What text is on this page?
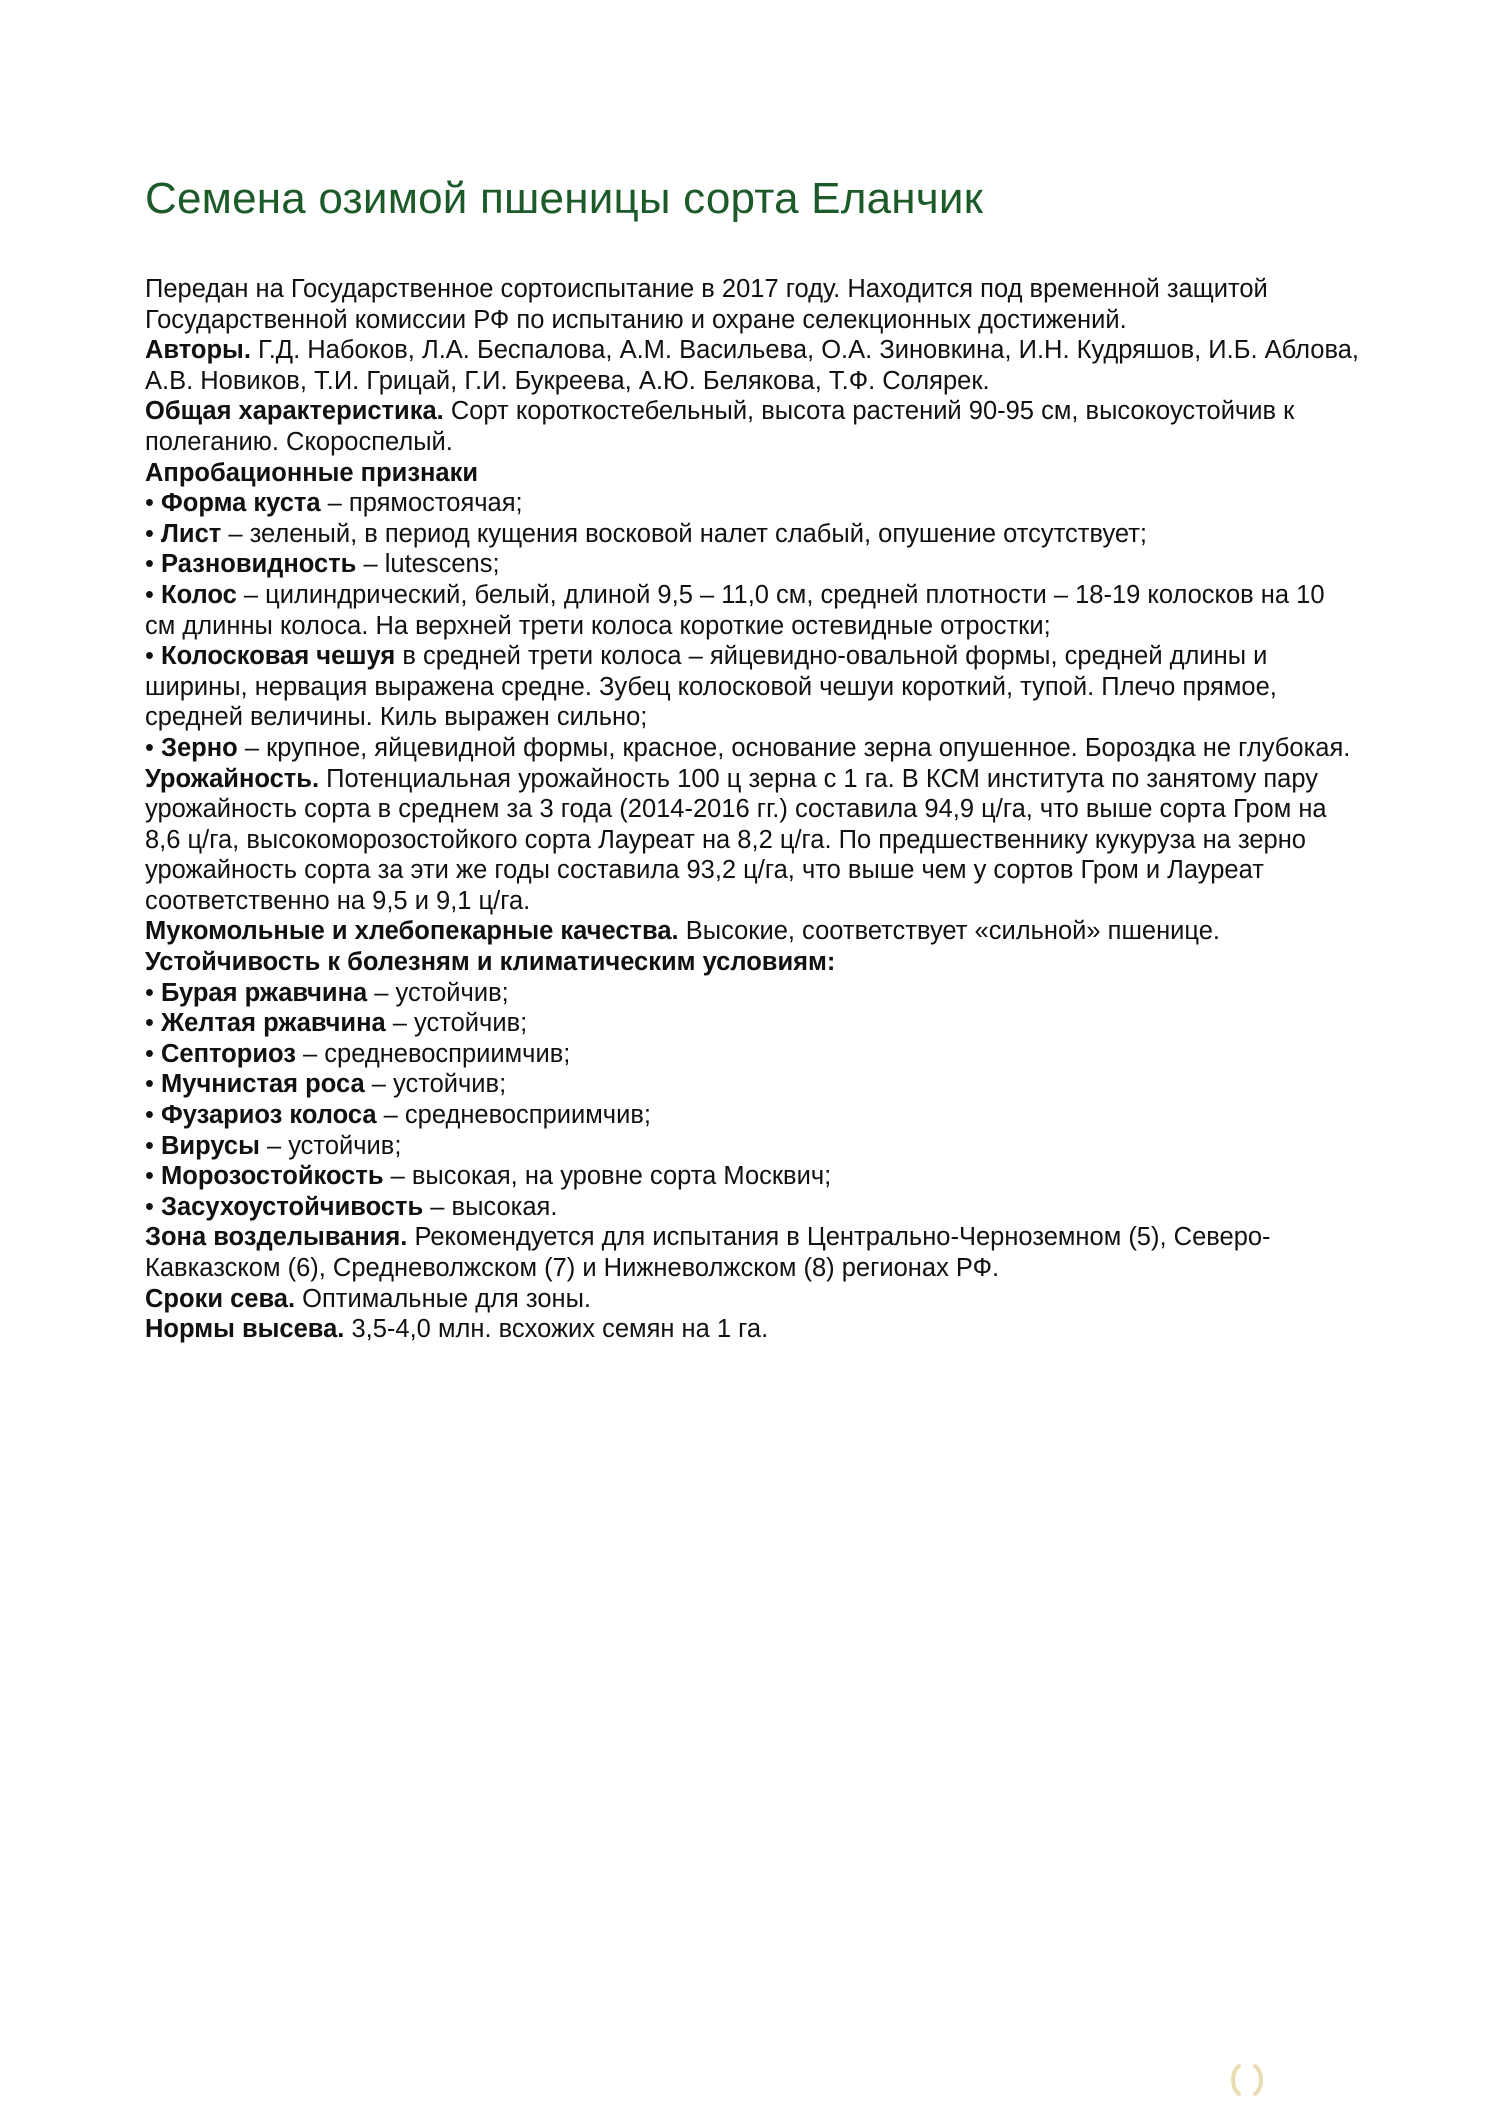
Семена озимой пшеницы сорта Еланчик

Передан на Государственное сортоиспытание в 2017 году. Находится под временной защитой Государственной комиссии РФ по испытанию и охране селекционных достижений.

Авторы. Г.Д. Набоков, Л.А. Беспалова, А.М. Васильева, О.А. Зиновкина, И.Н. Кудряшов, И.Б. Аблова, А.В. Новиков, Т.И. Грицай, Г.И. Букреева, А.Ю. Белякова, Т.Ф. Солярек.

Общая характеристика. Сорт короткостебельный, высота растений 90-95 см, высокоустойчив к полеганию. Скороспелый.

Апробационные признаки

• Форма куста – прямостоячая;

• Лист – зеленый, в период кущения восковой налет слабый, опушение отсутствует;

• Разновидность – lutescens;

• Колос – цилиндрический, белый, длиной 9,5 – 11,0 см, средней плотности – 18-19 колосков на 10 см длинны колоса. На верхней трети колоса короткие остевидные отростки;

• Колосковая чешуя в средней трети колоса – яйцевидно-овальной формы, средней длины и ширины, нервация выражена средне. Зубец колосковой чешуи короткий, тупой. Плечо прямое, средней величины. Киль выражен сильно;

• Зерно – крупное, яйцевидной формы, красное, основание зерна опушенное. Бороздка не глубокая.

Урожайность. Потенциальная урожайность 100 ц зерна с 1 га. В КСМ института по занятому пару урожайность сорта в среднем за 3 года (2014-2016 гг.) составила 94,9 ц/га, что выше сорта Гром на 8,6 ц/га, высокоморозостойкого сорта Лауреат на 8,2 ц/га. По предшественнику кукуруза на зерно урожайность сорта за эти же годы составила 93,2 ц/га, что выше чем у сортов Гром и Лауреат соответственно на 9,5 и 9,1 ц/га.

Мукомольные и хлебопекарные качества. Высокие, соответствует «сильной» пшенице.

Устойчивость к болезням и климатическим условиям:

• Бурая ржавчина – устойчив;

• Желтая ржавчина – устойчив;

• Септориоз – средневосприимчив;

• Мучнистая роса – устойчив;

• Фузариоз колоса – средневосприимчив;

• Вирусы – устойчив;

• Морозостойкость – высокая, на уровне сорта Москвич;

• Засухоустойчивость – высокая.

Зона возделывания. Рекомендуется для испытания в Центрально-Черноземном (5), Северо-Кавказском (6), Средневолжском (7) и Нижневолжском (8) регионах РФ.

Сроки сева. Оптимальные для зоны.

Нормы высева. 3,5-4,0 млн. всхожих семян на 1 га.
